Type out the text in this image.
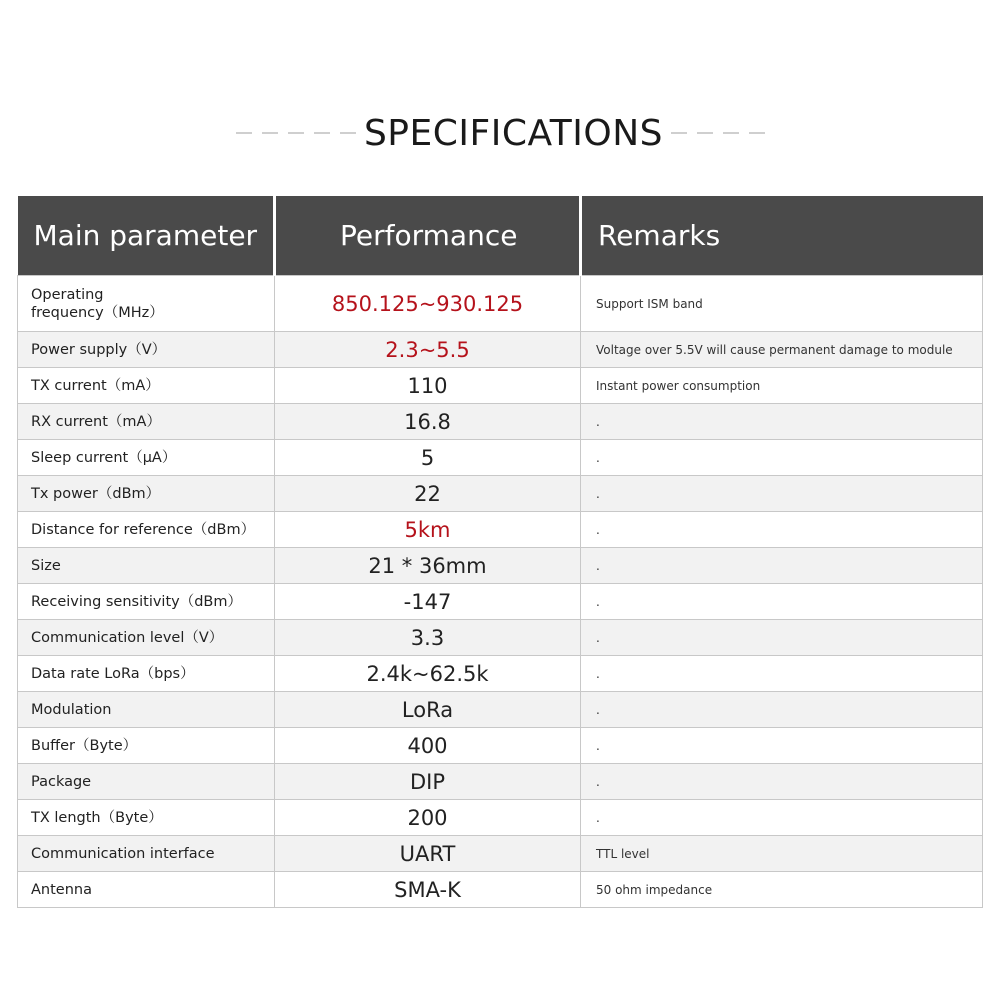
SPECIFICATIONS
Main parameter	Performance	Remarks
Operating
frequency（MHz）	850.125~930.125	Support ISM band
Power supply（V）	2.3~5.5	Voltage over 5.5V will cause permanent damage to module
TX current（mA）	110	Instant power consumption
RX current（mA）	16.8	.
Sleep current（µA）	5	.
Tx power（dBm）	22	.
Distance for reference（dBm）	5km	.
Size	21 * 36mm	.
Receiving sensitivity（dBm）	-147	.
Communication level（V）	3.3	.
Data rate LoRa（bps）	2.4k~62.5k	.
Modulation	LoRa	.
Buffer（Byte）	400	.
Package	DIP	.
TX length（Byte）	200	.
Communication interface	UART	TTL level
Antenna	SMA-K	50 ohm impedance
